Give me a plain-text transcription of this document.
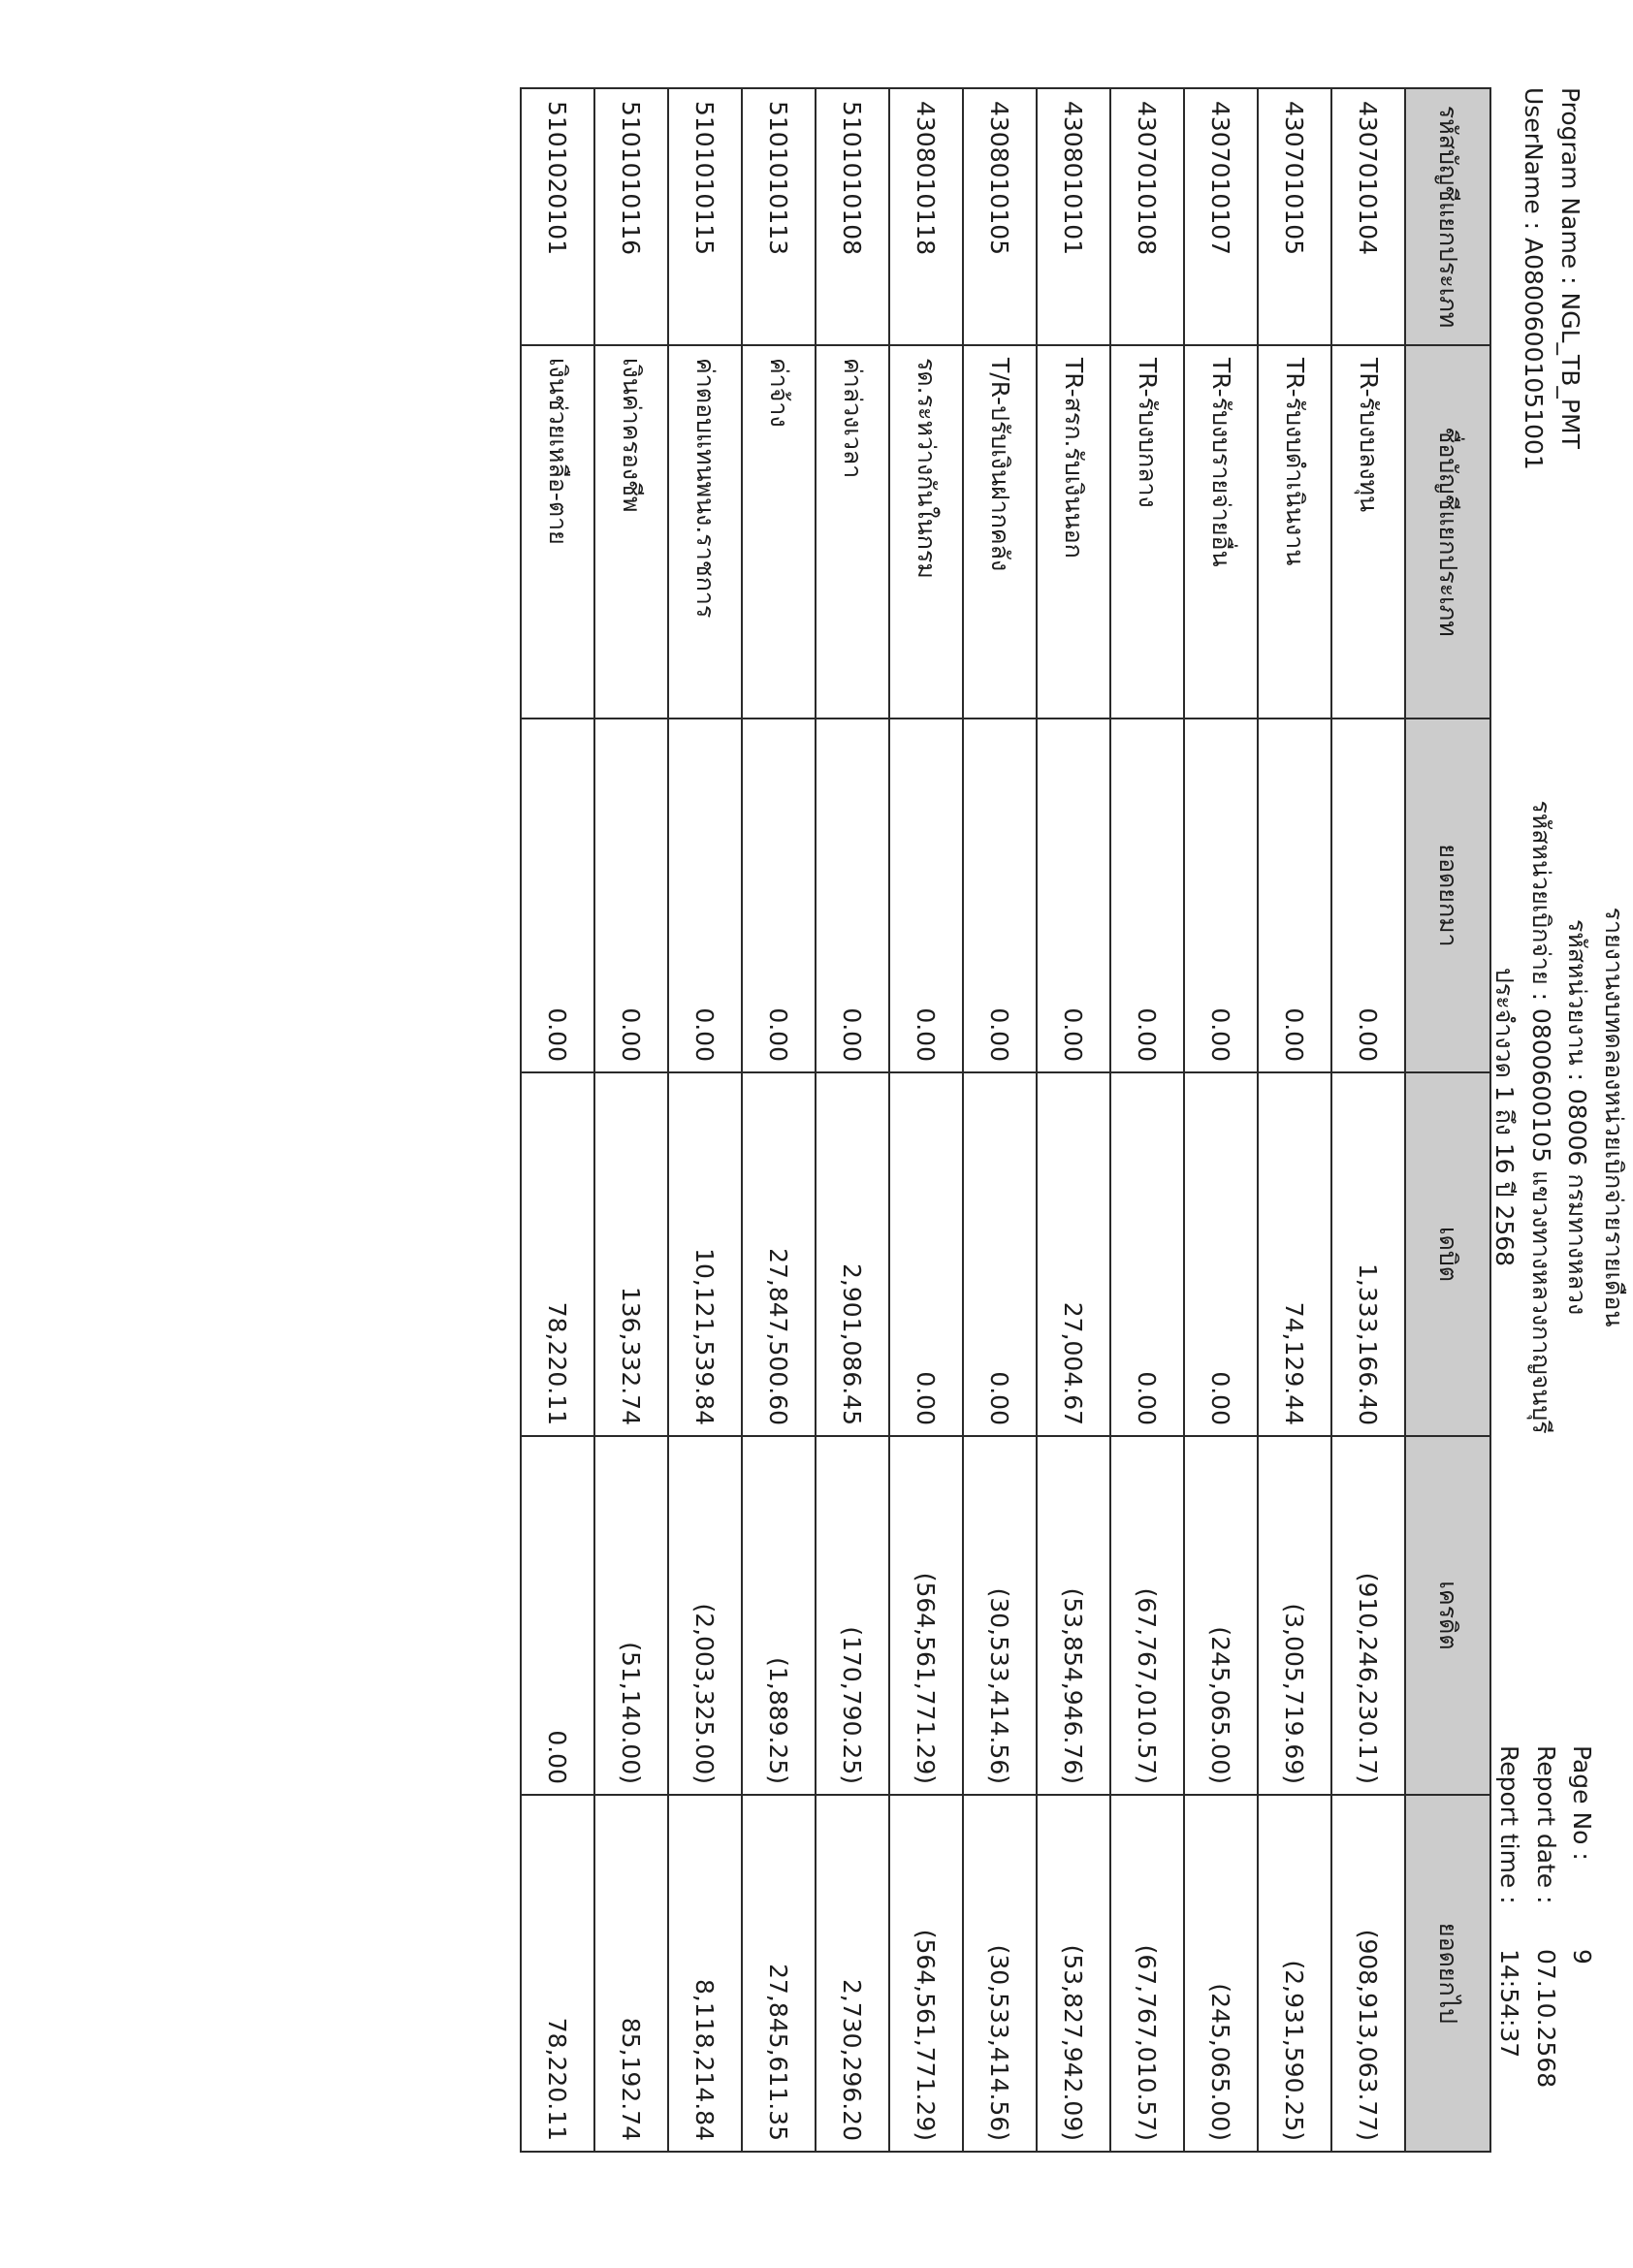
Program Name : NGL_TB_PMT
UserName : A08006001051001
รายงานงบทดลองหน่วยเบิกจ่ายรายเดือน
รหัสหน่วยงาน : 08006 กรมทางหลวง
รหัสหน่วยเบิกจ่าย : 0800600105 แขวงทางหลวงกาญจนบุรี
ประจำงวด 1 ถึง 16 ปี 2568
Page No :9
Report date :07.10.2568
Report time :14:54:37
รหัสบัญชีแยกประเภท	ชื่อบัญชีแยกประเภท	ยอดยกมา	เดบิต	เครดิต	ยอดยกไป
4307010104	TR-รับงบลงทุน	0.00	1,333,166.40	(910,246,230.17)	(908,913,063.77)
4307010105	TR-รับงบดำเนินงาน	0.00	74,129.44	(3,005,719.69)	(2,931,590.25)
4307010107	TR-รับงบรายจ่ายอื่น	0.00	0.00	(245,065.00)	(245,065.00)
4307010108	TR-รับงบกลาง	0.00	0.00	(67,767,010.57)	(67,767,010.57)
4308010101	TR-สรก.รับเงินนอก	0.00	27,004.67	(53,854,946.76)	(53,827,942.09)
4308010105	T/R-ปรับเงินฝากคลัง	0.00	0.00	(30,533,414.56)	(30,533,414.56)
4308010118	รด.ระหว่างกันในกรม	0.00	0.00	(564,561,771.29)	(564,561,771.29)
5101010108	ค่าล่วงเวลา	0.00	2,901,086.45	(170,790.25)	2,730,296.20
5101010113	ค่าจ้าง	0.00	27,847,500.60	(1,889.25)	27,845,611.35
5101010115	ค่าตอบแทนพนง.ราชการ	0.00	10,121,539.84	(2,003,325.00)	8,118,214.84
5101010116	เงินค่าครองชีพ	0.00	136,332.74	(51,140.00)	85,192.74
5101020101	เงินช่วยเหลือ-ตาย	0.00	78,220.11	0.00	78,220.11
